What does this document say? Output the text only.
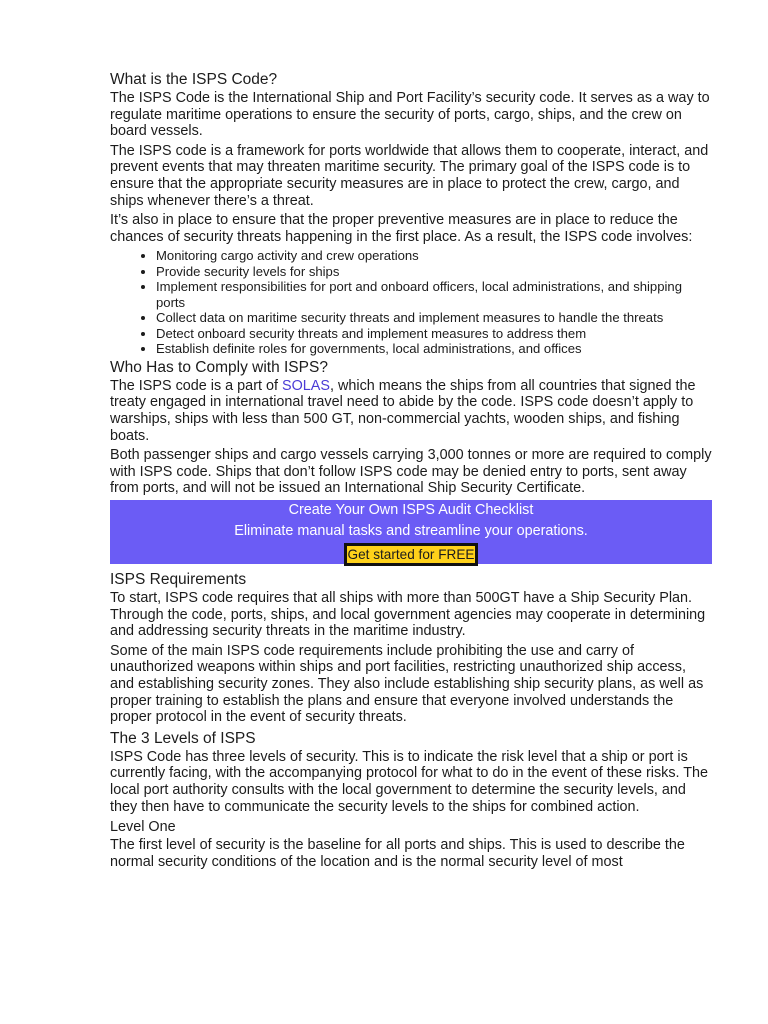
What is the ISPS Code?

The ISPS Code is the International Ship and Port Facility’s security code. It serves as a way to regulate maritime operations to ensure the security of ports, cargo, ships, and the crew on board vessels.

The ISPS code is a framework for ports worldwide that allows them to cooperate, interact, and prevent events that may threaten maritime security. The primary goal of the ISPS code is to ensure that the appropriate security measures are in place to protect the crew, cargo, and ships whenever there’s a threat.

It’s also in place to ensure that the proper preventive measures are in place to reduce the chances of security threats happening in the first place. As a result, the ISPS code involves:

• Monitoring cargo activity and crew operations
• Provide security levels for ships
• Implement responsibilities for port and onboard officers, local administrations, and shipping ports
• Collect data on maritime security threats and implement measures to handle the threats
• Detect onboard security threats and implement measures to address them
• Establish definite roles for governments, local administrations, and offices
Who Has to Comply with ISPS?

The ISPS code is a part of SOLAS, which means the ships from all countries that signed the treaty engaged in international travel need to abide by the code. ISPS code doesn’t apply to warships, ships with less than 500 GT, non-commercial yachts, wooden ships, and fishing boats.

Both passenger ships and cargo vessels carrying 3,000 tonnes or more are required to comply with ISPS code. Ships that don’t follow ISPS code may be denied entry to ports, sent away from ports, and will not be issued an International Ship Security Certificate.

Create Your Own ISPS Audit Checklist
Eliminate manual tasks and streamline your operations.
Get started for FREE
ISPS Requirements

To start, ISPS code requires that all ships with more than 500GT have a Ship Security Plan. Through the code, ports, ships, and local government agencies may cooperate in determining and addressing security threats in the maritime industry.

Some of the main ISPS code requirements include prohibiting the use and carry of unauthorized weapons within ships and port facilities, restricting unauthorized ship access, and establishing security zones. They also include establishing ship security plans, as well as proper training to establish the plans and ensure that everyone involved understands the proper protocol in the event of security threats.

The 3 Levels of ISPS

ISPS Code has three levels of security. This is to indicate the risk level that a ship or port is currently facing, with the accompanying protocol for what to do in the event of these risks. The local port authority consults with the local government to determine the security levels, and they then have to communicate the security levels to the ships for combined action.

Level One

The first level of security is the baseline for all ports and ships. This is used to describe the normal security conditions of the location and is the normal security level of most
